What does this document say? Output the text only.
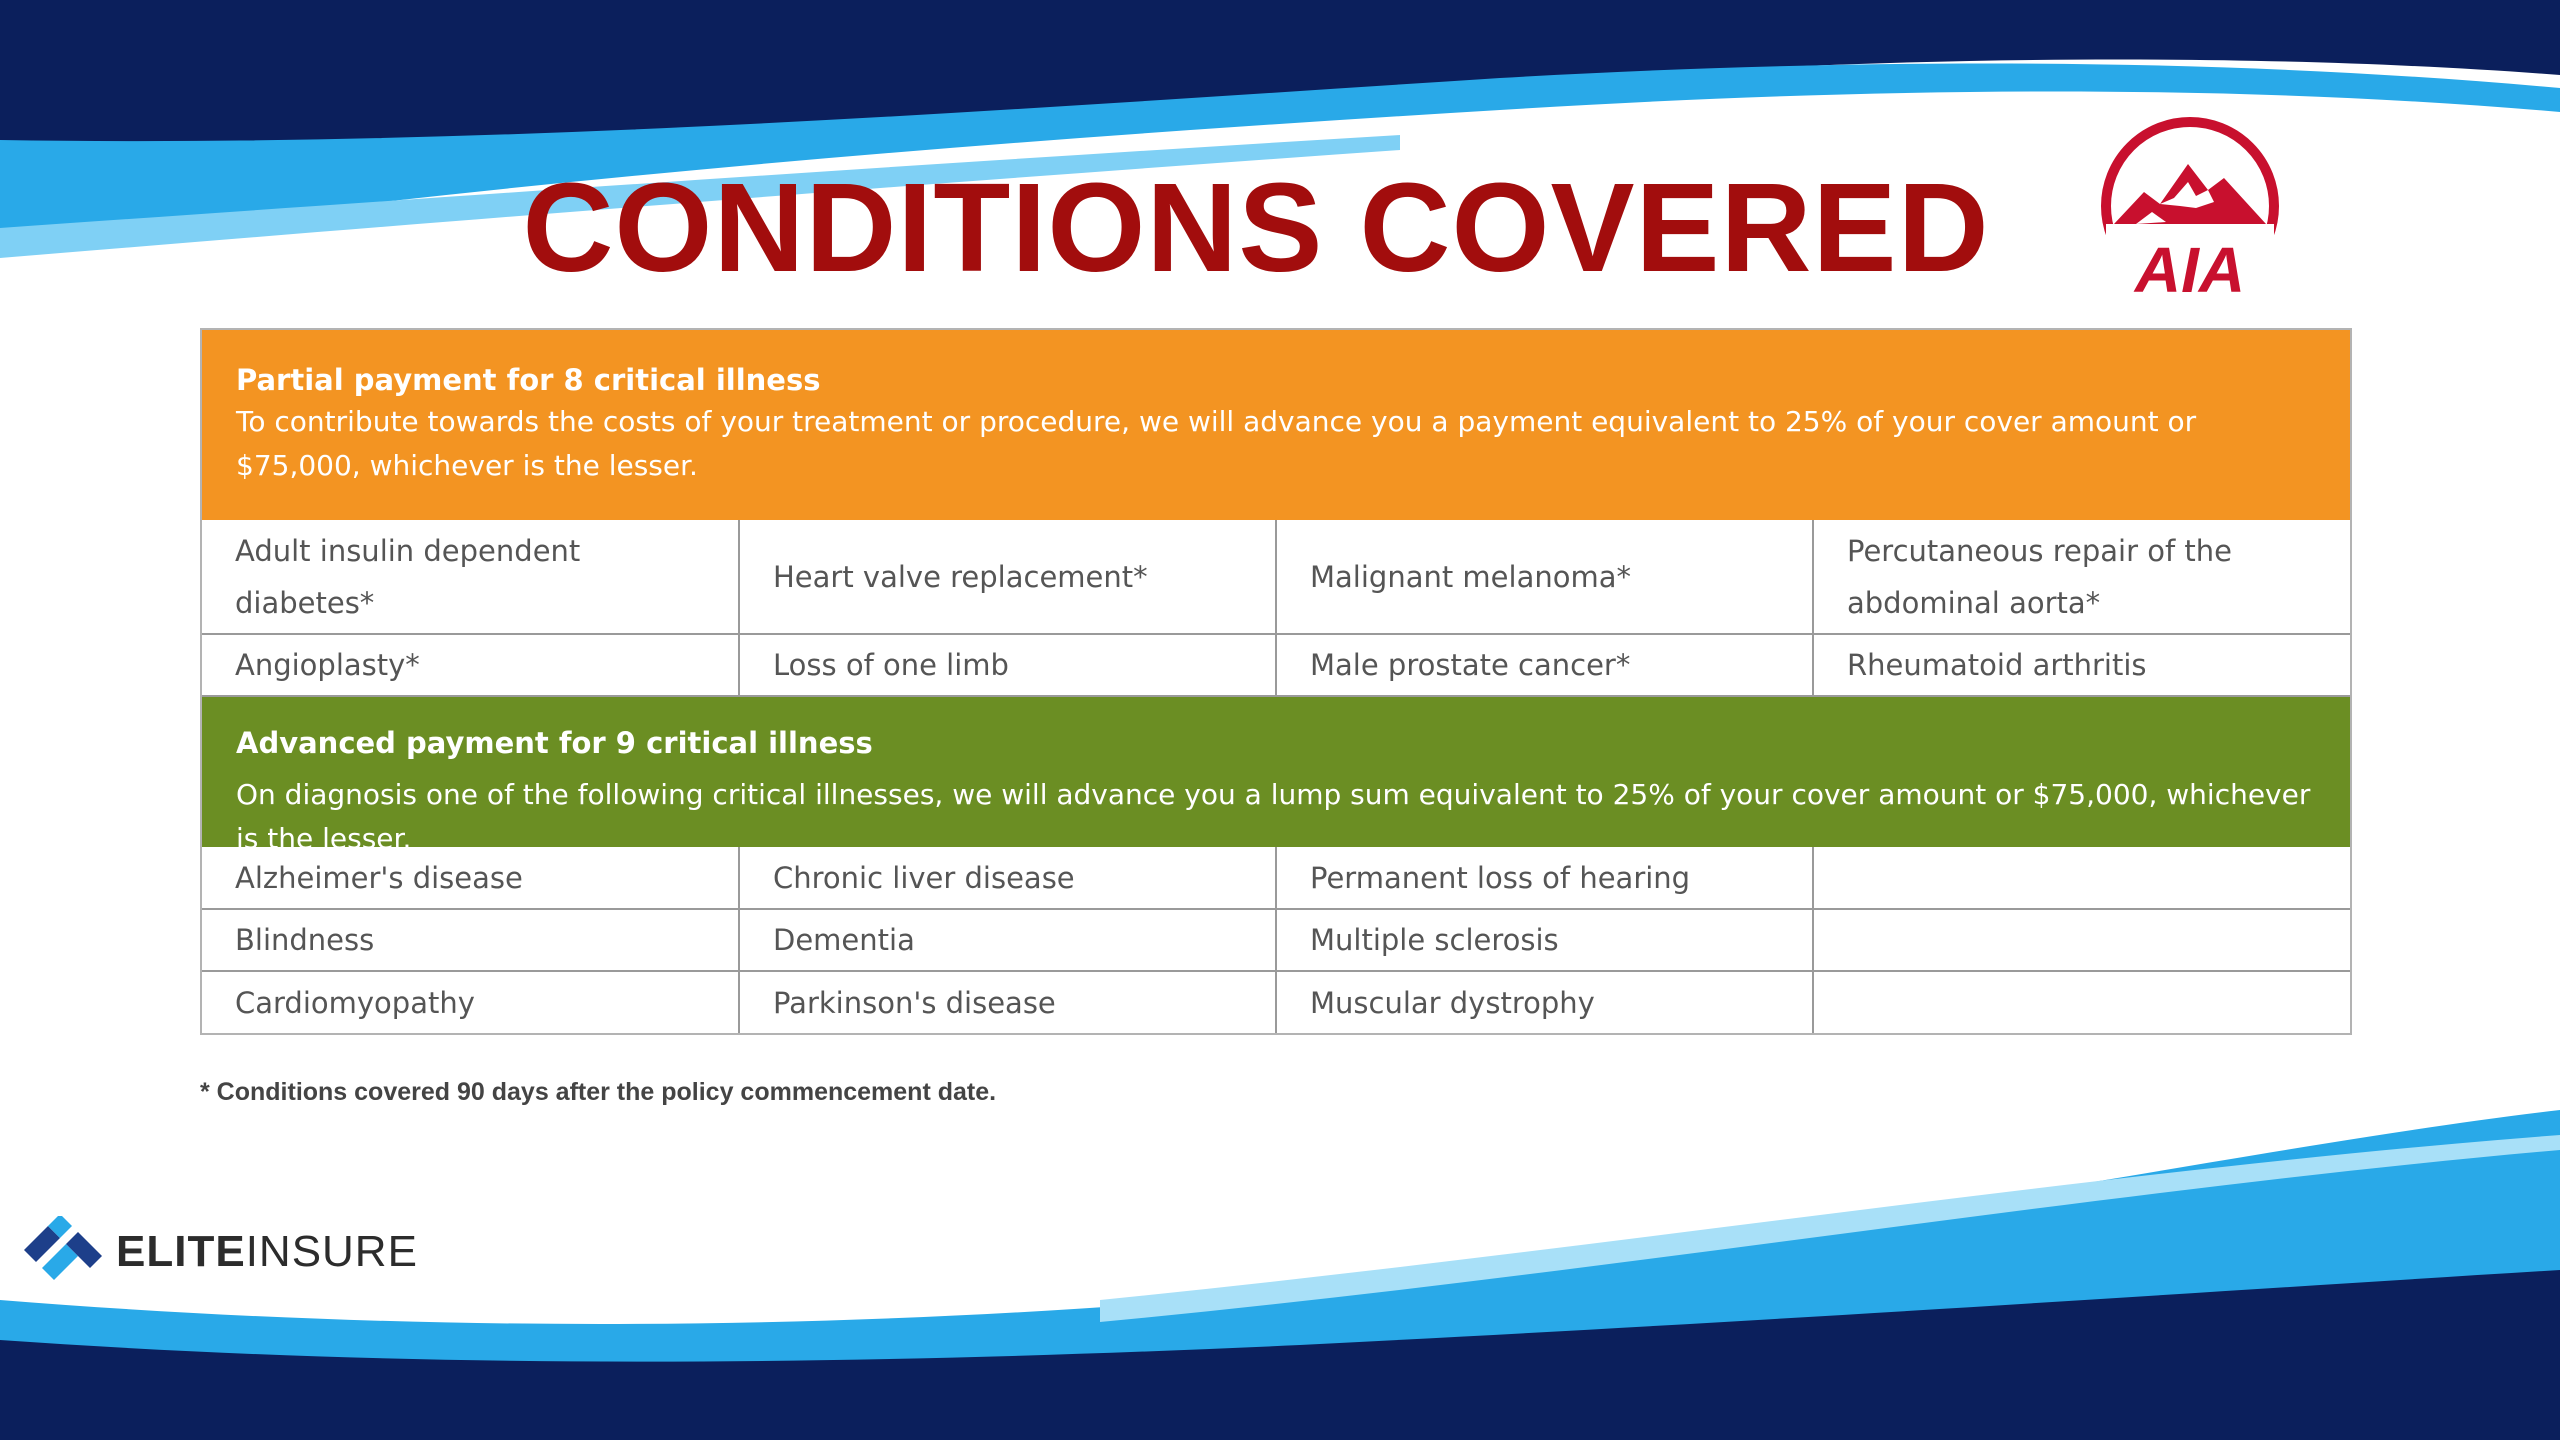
CONDITIONS COVERED	AIA
Partial payment for 8 critical illness
To contribute towards the costs of your treatment or procedure, we will advance you a payment equivalent to 25% of your cover amount or $75,000, whichever is the lesser.
Adult insulin dependent diabetes*	Heart valve replacement*	Malignant melanoma*	Percutaneous repair of the abdominal aorta*
Angioplasty*	Loss of one limb	Male prostate cancer*	Rheumatoid arthritis
Advanced payment for 9 critical illness
On diagnosis one of the following critical illnesses, we will advance you a lump sum equivalent to 25% of your cover amount or $75,000, whichever is the lesser.
Alzheimer's disease	Chronic liver disease	Permanent loss of hearing	
Blindness	Dementia	Multiple sclerosis	
Cardiomyopathy	Parkinson's disease	Muscular dystrophy	
* Conditions covered 90 days after the policy commencement date.
ELITEINSURE
